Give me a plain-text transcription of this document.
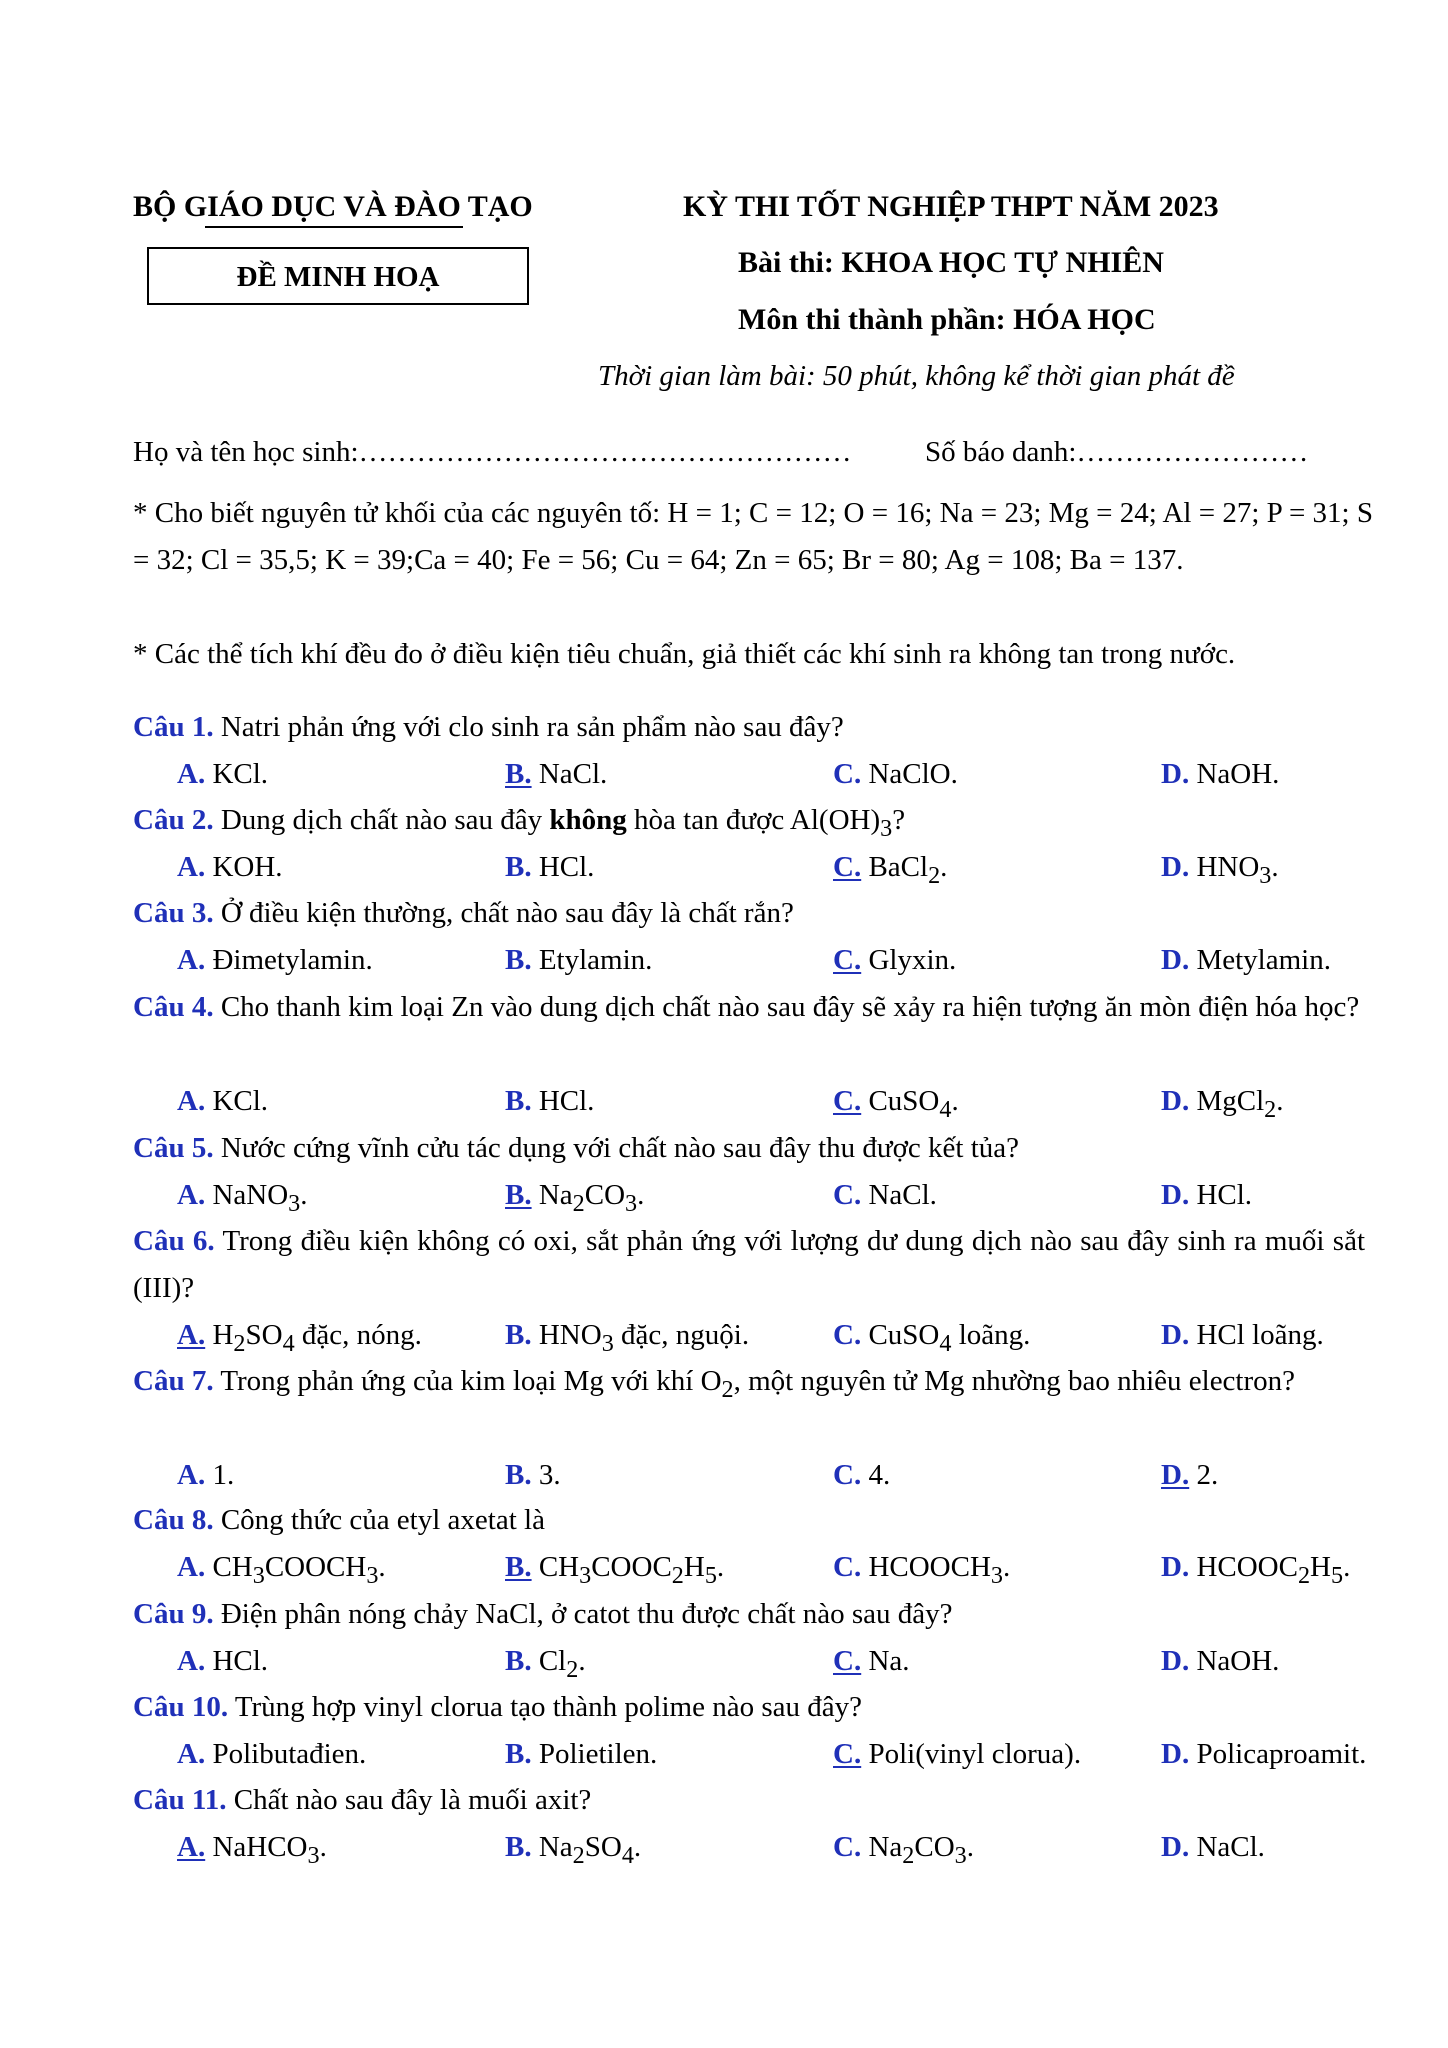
BỘ GIÁO DỤC VÀ ĐÀO TẠO	KỲ THI TỐT NGHIỆP THPT NĂM 2023
ĐỀ MINH HOẠ	Bài thi: KHOA HỌC TỰ NHIÊN
Môn thi thành phần: HÓA HỌC
Thời gian làm bài: 50 phút, không kể thời gian phát đề
Họ và tên học sinh:……………………………………………	Số báo danh:……………………
* Cho biết nguyên tử khối của các nguyên tố: H = 1; C = 12; O = 16; Na = 23; Mg = 24; Al = 27; P = 31; S = 32; Cl = 35,5; K = 39;Ca = 40; Fe = 56; Cu = 64; Zn = 65; Br = 80; Ag = 108; Ba = 137.
* Các thể tích khí đều đo ở điều kiện tiêu chuẩn, giả thiết các khí sinh ra không tan trong nước.
Câu 1. Natri phản ứng với clo sinh ra sản phẩm nào sau đây?
A. KCl.	B. NaCl.	C. NaClO.	D. NaOH.
Câu 2. Dung dịch chất nào sau đây không hòa tan được $Al(OH)_3$?
A. KOH.	B. HCl.	C. BaCl$_2$.	D. $HNO_3$.
Câu 3. Ở điều kiện thường, chất nào sau đây là chất rắn?
A. Đimetylamin.	B. Etylamin.	C. Glyxin.	D. Metylamin.
Câu 4. Cho thanh kim loại Zn vào dung dịch chất nào sau đây sẽ xảy ra hiện tượng ăn mòn điện hóa học?
A. KCl.	B. HCl.	C. CuSO$_4$.	D. MgCl$_2$.
Câu 5. Nước cứng vĩnh cửu tác dụng với chất nào sau đây thu được kết tủa?
A. NaNO$_3$.	B. $Na_2CO_3$.	C. NaCl.	D. HCl.
Câu 6. Trong điều kiện không có oxi, sắt phản ứng với lượng dư dung dịch nào sau đây sinh ra muối sắt (III)?
A. $H_2SO_4$ đặc, nóng.	B. $HNO_3$ đặc, nguội.	C. CuSO$_4$ loãng.	D. HCl loãng.
Câu 7. Trong phản ứng của kim loại Mg với khí $O_2$, một nguyên tử Mg nhường bao nhiêu electron?
A. 1.	B. 3.	C. 4.	D. 2.
Câu 8. Công thức của etyl axetat là
A. $CH_3COOCH_3$.	B. $CH_3COOC_2H_5$.	C. $HCOOCH_3$.	D. $HCOOC_2H_5$.
Câu 9. Điện phân nóng chảy NaCl, ở catot thu được chất nào sau đây?
A. HCl.	B. $Cl_2$.	C. Na.	D. NaOH.
Câu 10. Trùng hợp vinyl clorua tạo thành polime nào sau đây?
A. Polibutađien.	B. Polietilen.	C. Poli(vinyl clorua).	D. Policaproamit.
Câu 11. Chất nào sau đây là muối axit?
A. NaHCO$_3$.	B. $Na_2SO_4$.	C. $Na_2CO_3$.	D. NaCl.
